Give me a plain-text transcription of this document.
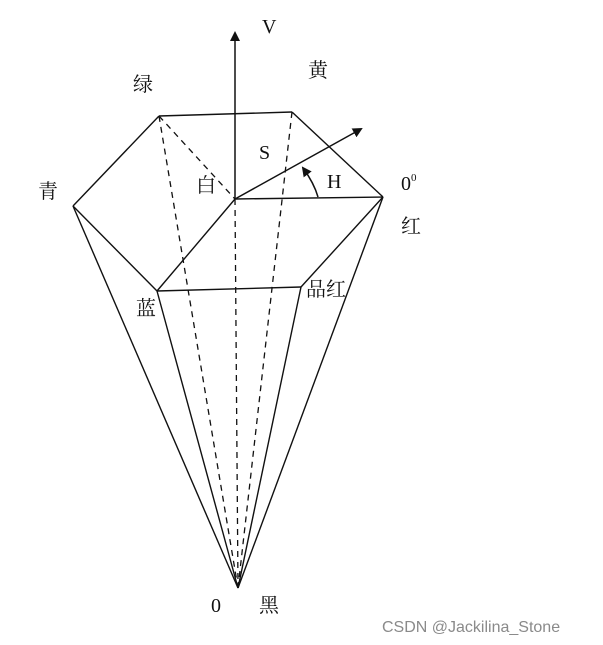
V
绿
黄
S
青	白	H	$0^0$
红
蓝
品红
0 黑
CSDN @Jackilina_Stone
